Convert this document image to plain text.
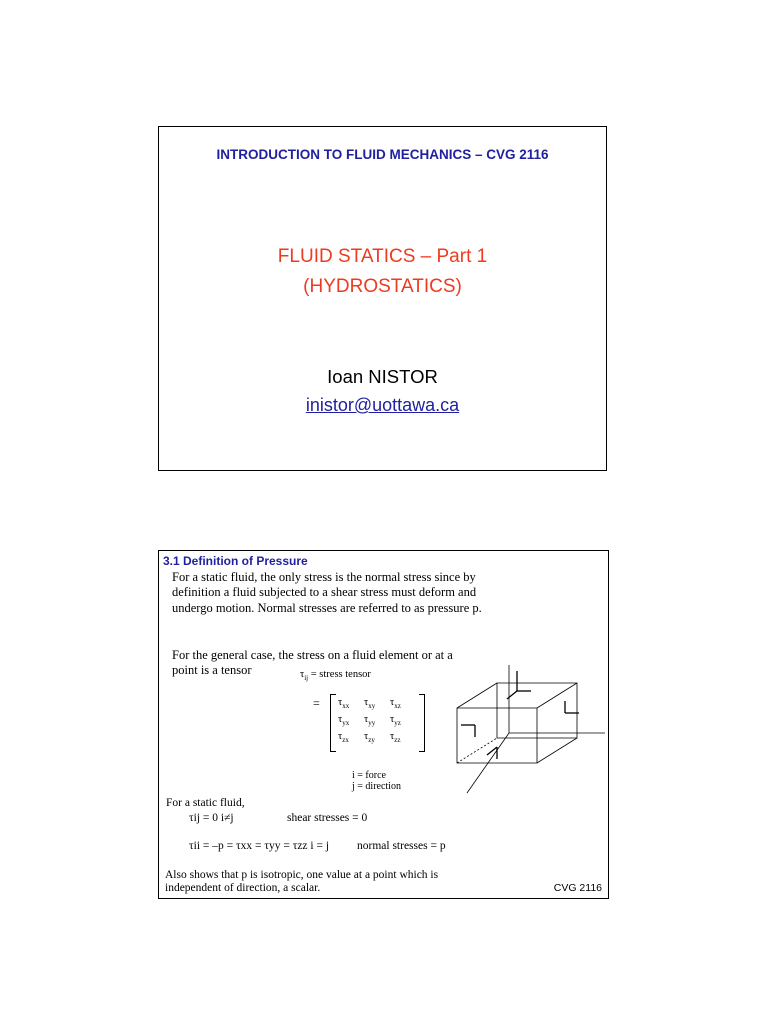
INTRODUCTION TO FLUID MECHANICS – CVG 2116
FLUID STATICS – Part 1
(HYDROSTATICS)
Ioan NISTOR
inistor@uottawa.ca
3.1 Definition of Pressure
For a static fluid, the only stress is the normal stress since by definition a fluid subjected to a shear stress must deform and undergo motion. Normal stresses are referred to as pressure p.
For the general case, the stress on a fluid element or at a
point is a tensor	$\tau_{ij}$ = stress tensor
= $\tau_{xx}$	$\tau_{xy}$	$\tau_{xz}$
$\tau_{yx}$	$\tau_{yy}$	$\tau_{yz}$
$\tau_{zx}$	$\tau_{zy}$	$\tau_{zz}$
i = force
j = direction
For a static fluid,
τij = 0 i≠j	shear stresses = 0
τii = –p = τxx = τyy = τzz i = j normal stresses = p
Also shows that p is isotropic, one value at a point which is independent of direction, a scalar.	CVG 2116
